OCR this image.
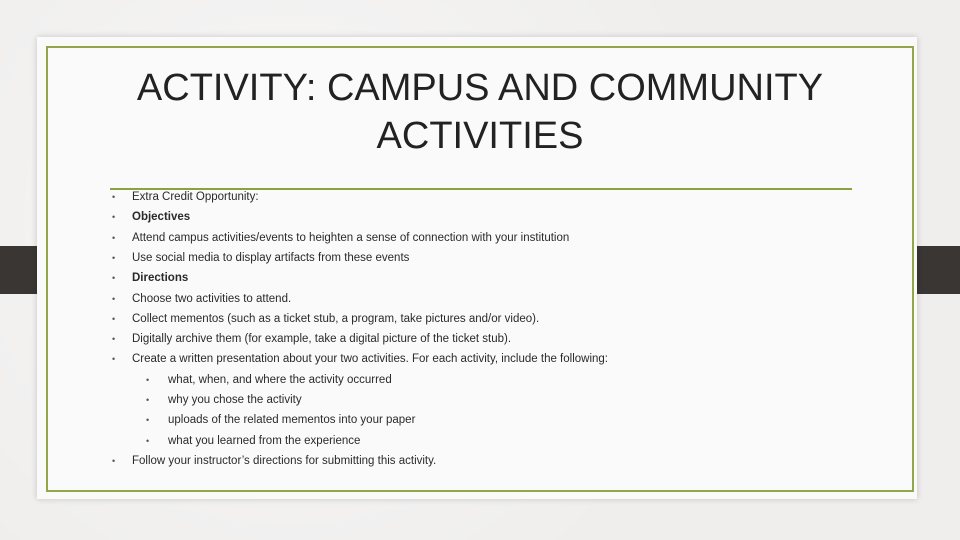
ACTIVITY: CAMPUS AND COMMUNITY ACTIVITIES
• Extra Credit Opportunity:
• Objectives
• Attend campus activities/events to heighten a sense of connection with your institution
• Use social media to display artifacts from these events
• Directions
• Choose two activities to attend.
• Collect mementos (such as a ticket stub, a program, take pictures and/or video).
• Digitally archive them (for example, take a digital picture of the ticket stub).
• Create a written presentation about your two activities. For each activity, include the following:
• what, when, and where the activity occurred
• why you chose the activity
• uploads of the related mementos into your paper
• what you learned from the experience
• Follow your instructor’s directions for submitting this activity.
